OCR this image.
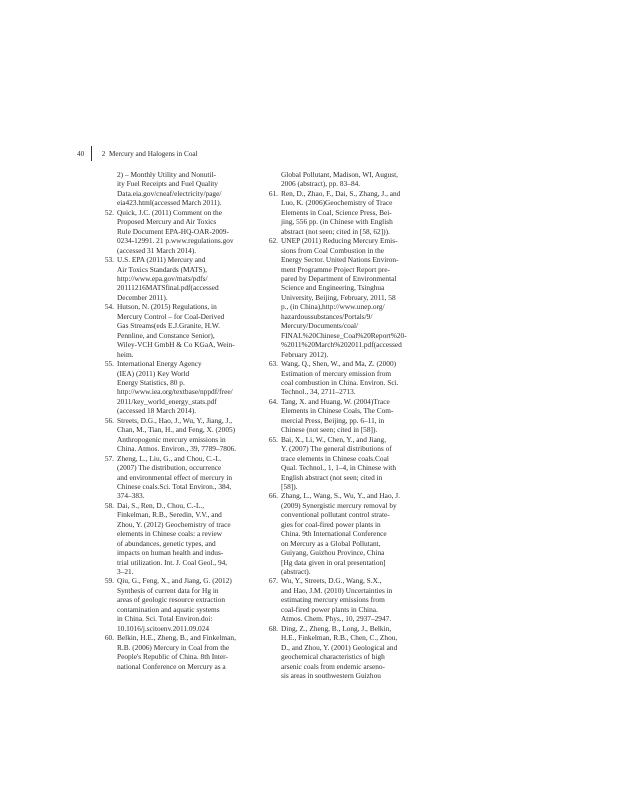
40 2 Mercury and Halogens in Coal
2) – Monthly Utility and Nonutil-
ity Fuel Receipts and Fuel Quality
Data.eia.gov/cneaf/electricity/page/
eia423.html(accessed March 2011).
52. Quick, J.C. (2011) Comment on the
Proposed Mercury and Air Toxics
Rule Document EPA-HQ-OAR-2009-
0234-12991. 21 p.www.regulations.gov
(accessed 31 March 2014).
53. U.S. EPA (2011) Mercury and
Air Toxics Standards (MATS),
http://www.epa.gov/mats/pdfs/
20111216MATSfinal.pdf(accessed
December 2011).
54. Hutson, N. (2015) Regulations, in
Mercury Control – for Coal-Derived
Gas Streams(eds E.J.Granite, H.W.
Pennline, and Constance Senior),
Wiley-VCH GmbH & Co KGaA, Wein-
heim.
55. International Energy Agency
(IEA) (2011) Key World
Energy Statistics, 80 p.
http://www.iea.org/textbase/nppdf/free/
2011/key_world_energy_stats.pdf
(accessed 18 March 2014).
56. Streets, D.G., Hao, J., Wu, Y., Jiang, J.,
Chan, M., Tian, H., and Feng, X. (2005)
Anthropogenic mercury emissions in
China. Atmos. Environ., 39, 7789–7806.
57. Zheng, L., Liu, G., and Chou, C.-L.
(2007) The distribution, occurrence
and environmental effect of mercury in
Chinese coals.Sci. Total Environ., 384,
374–383.
58. Dai, S., Ren, D., Chou, C.-L.,
Finkelman, R.B., Seredin, V.V., and
Zhou, Y. (2012) Geochemistry of trace
elements in Chinese coals: a review
of abundances, genetic types, and
impacts on human health and indus-
trial utilization. Int. J. Coal Geol., 94,
3–21.
59. Qiu, G., Feng, X., and Jiang, G. (2012)
Synthesis of current data for Hg in
areas of geologic resource extraction
contamination and aquatic systems
in China. Sci. Total Environ.doi:
10.1016/j.scitoenv.2011.09.024
60. Belkin, H.E., Zheng, B., and Finkelman,
R.B. (2006) Mercury in Coal from the
People's Republic of China. 8th Inter-
national Conference on Mercury as a
Global Pollutant, Madison, WI, August,
2006 (abstract), pp. 83–84.
61. Ren, D., Zhao, F., Dai, S., Zhang, J., and
Luo, K. (2006)Geochemistry of Trace
Elements in Coal, Science Press, Bei-
jing, 556 pp. (in Chinese with English
abstract (not seen; cited in [58, 62])).
62. UNEP (2011) Reducing Mercury Emis-
sions from Coal Combustion in the
Energy Sector. United Nations Environ-
ment Programme Project Report pre-
pared by Department of Environmental
Science and Engineering, Tsinghua
University, Beijing, February, 2011, 58
p., (in China),http://www.unep.org/
hazardoussubstances/Portals/9/
Mercury/Documents/coal/
FINAL%20Chinese_Coal%20Report%20-
%2011%20March%202011.pdf(accessed
February 2012).
63. Wang, Q., Shen, W., and Ma, Z. (2000)
Estimation of mercury emission from
coal combustion in China. Environ. Sci.
Technol., 34, 2711–2713.
64. Tang, X. and Huang, W. (2004)Trace
Elements in Chinese Coals, The Com-
mercial Press, Beijing, pp. 6–11, in
Chinese (not seen; cited in [58]).
65. Bai, X., Li, W., Chen, Y., and Jiang,
Y. (2007) The general distributions of
trace elements in Chinese coals.Coal
Qual. Technol., 1, 1–4, in Chinese with
English abstract (not seen; cited in
[58]).
66. Zhang, L., Wang, S., Wu, Y., and Hao, J.
(2009) Synergistic mercury removal by
conventional pollutant control strate-
gies for coal-fired power plants in
China. 9th International Conference
on Mercury as a Global Pollutant,
Guiyang, Guizhou Province, China
[Hg data given in oral presentation]
(abstract).
67. Wu, Y., Streets, D.G., Wang, S.X.,
and Hao, J.M. (2010) Uncertainties in
estimating mercury emissions from
coal-fired power plants in China.
Atmos. Chem. Phys., 10, 2937–2947.
68. Ding, Z., Zheng, B., Long, J., Belkin,
H.E., Finkelman, R.B., Chen, C., Zhou,
D., and Zhou, Y. (2001) Geological and
geochemical characteristics of high
arsenic coals from endemic arseno-
sis areas in southwestern Guizhou
